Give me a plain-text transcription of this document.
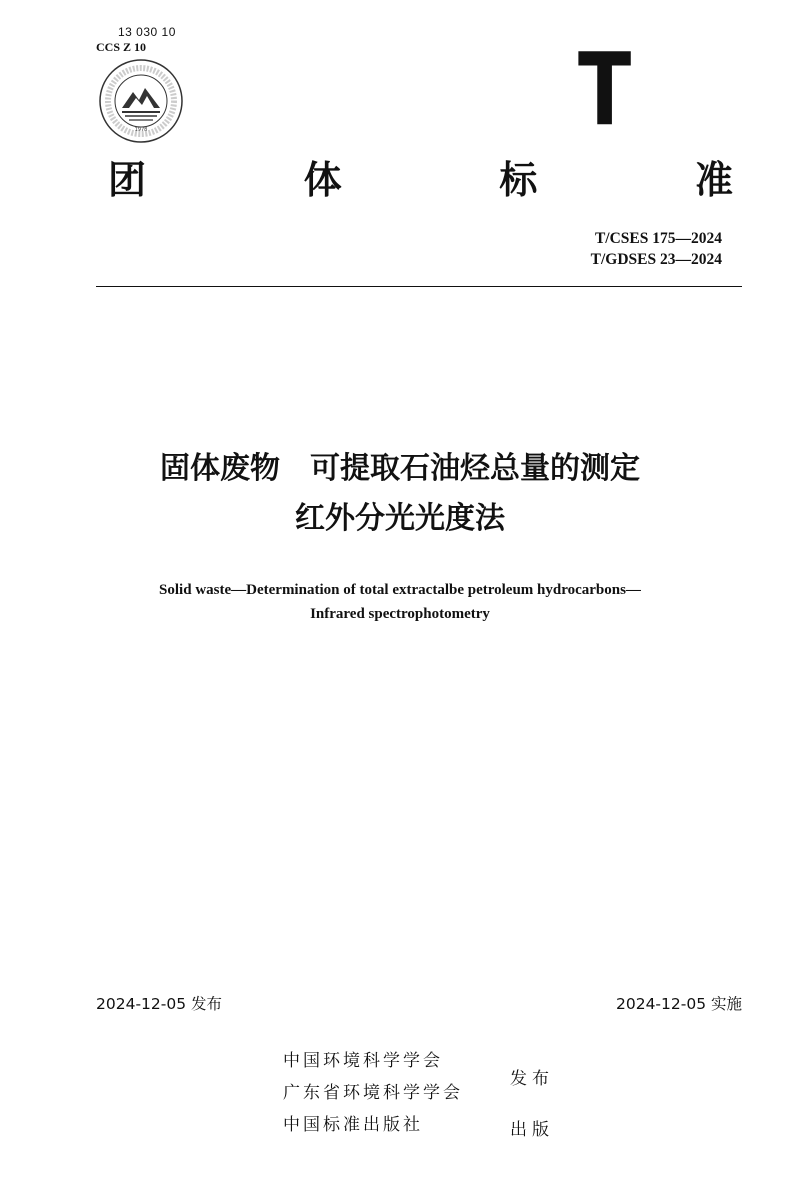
13 030 10
CCS Z 10
1978	T
团	体	标	准
T/CSES 175—2024
T/GDSES 23—2024
固体废物　可提取石油烃总量的测定
红外分光光度法
Solid waste—Determination of total extractalbe petroleum hydrocarbons—
Infrared spectrophotometry
2024-12-05 发布	2024-12-05 实施
中国环境科学学会
广东省环境科学学会
中国标准出版社
发布
出版
